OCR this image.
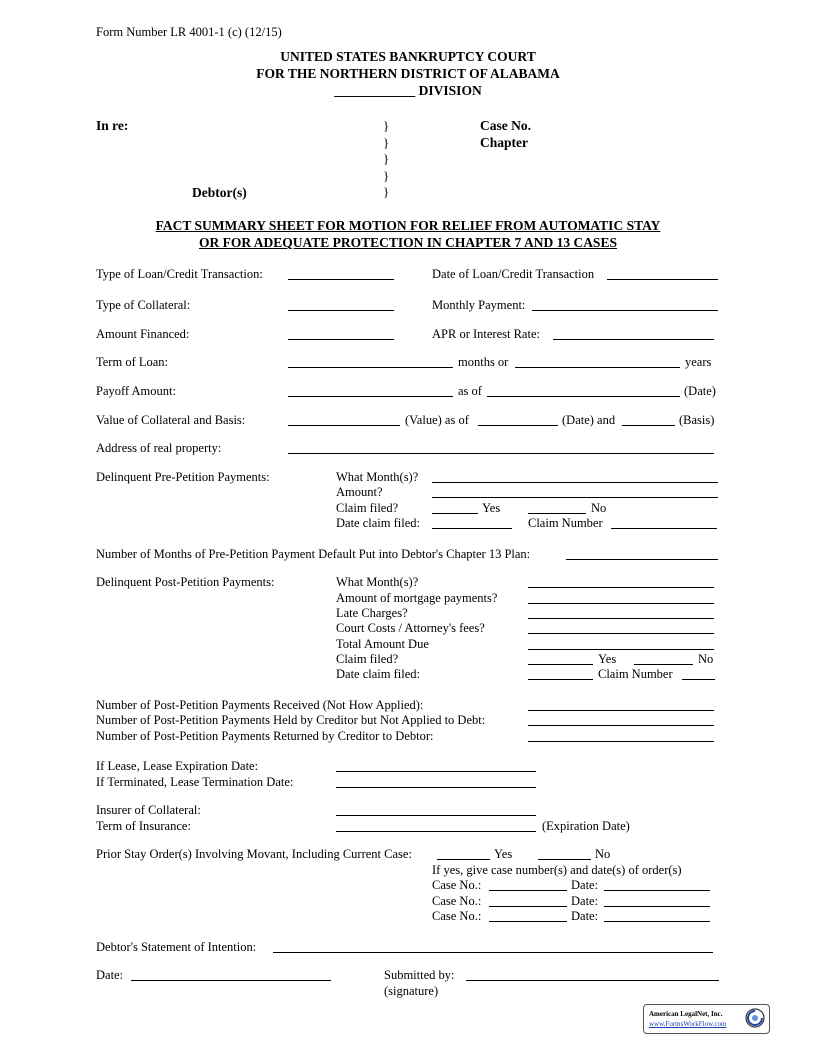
Form Number LR 4001-1 (c) (12/15)
UNITED STATES BANKRUPTCY COURT
FOR THE NORTHERN DISTRICT OF ALABAMA
____________ DIVISION
In re:
Debtor(s)
}
}
}
}
}
Case No.
Chapter
FACT SUMMARY SHEET FOR MOTION FOR RELIEF FROM AUTOMATIC STAY
OR FOR ADEQUATE PROTECTION IN CHAPTER 7 AND 13 CASES
Type of Loan/Credit Transaction:	Date of Loan/Credit Transaction
Type of Collateral:	Monthly Payment:
Amount Financed:	APR or Interest Rate:
Term of Loan:	months or	years
Payoff Amount:	as of	(Date)
Value of Collateral and Basis:	(Value) as of	(Date) and	(Basis)
Address of real property:
Delinquent Pre-Petition Payments:	What Month(s)?
Amount?
Claim filed?	Yes	No
Date claim filed:	Claim Number
Number of Months of Pre-Petition Payment Default Put into Debtor's Chapter 13 Plan:
Delinquent Post-Petition Payments:	What Month(s)?
Amount of mortgage payments?
Late Charges?
Court Costs / Attorney's fees?
Total Amount Due
Claim filed?	Yes	No
Date claim filed:	Claim Number
Number of Post-Petition Payments Received (Not How Applied):
Number of Post-Petition Payments Held by Creditor but Not Applied to Debt:
Number of Post-Petition Payments Returned by Creditor to Debtor:
If Lease, Lease Expiration Date:
If Terminated, Lease Termination Date:
Insurer of Collateral:
Term of Insurance:	(Expiration Date)
Prior Stay Order(s) Involving Movant, Including Current Case:	Yes	No
If yes, give case number(s) and date(s) of order(s)
Case No.:	Date:
Case No.:	Date:
Case No.:	Date:
Debtor's Statement of Intention:
Date:	Submitted by:
(signature)
American LegalNet, Inc.
www.FormsWorkFlow.com
